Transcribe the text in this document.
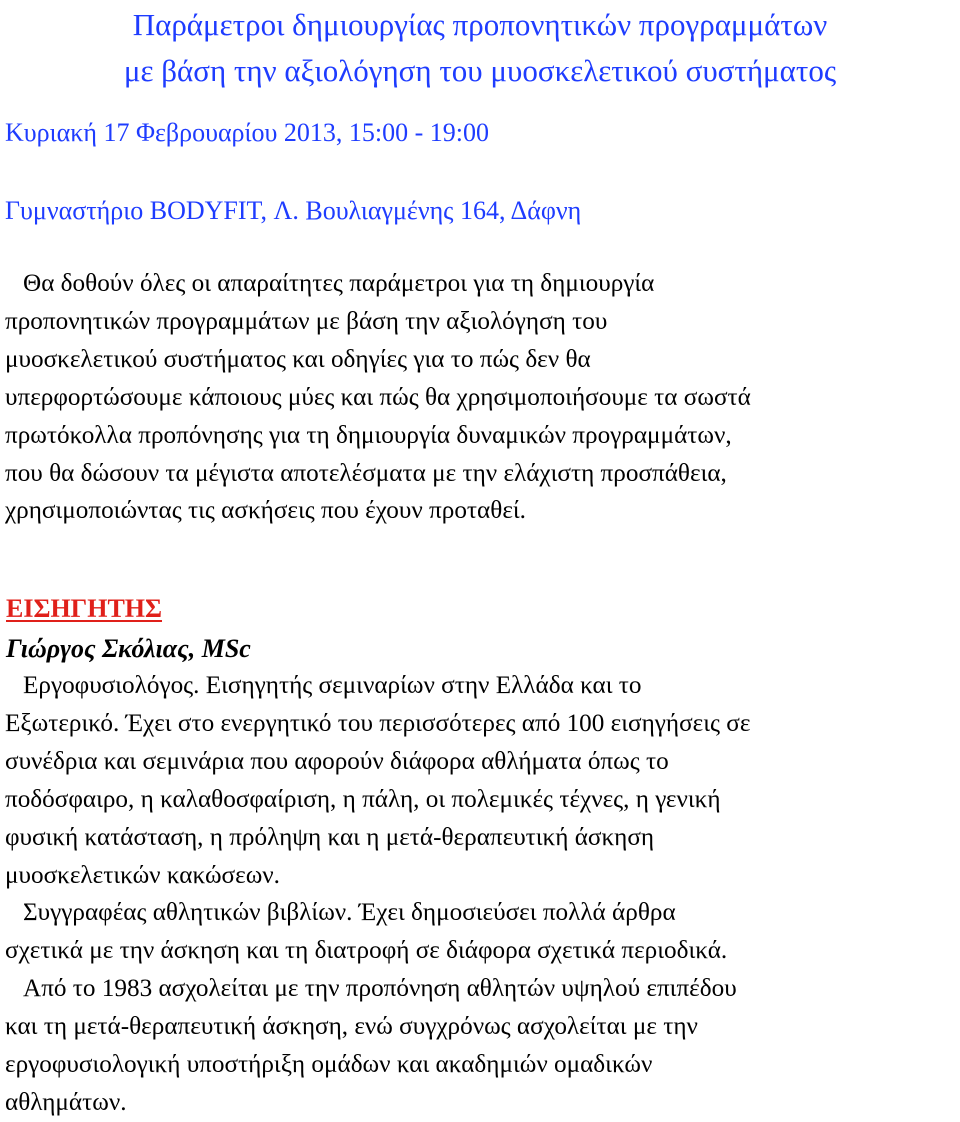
Παράμετροι δημιουργίας προπονητικών προγραμμάτων
με βάση την αξιολόγηση του μυοσκελετικού συστήματος

Κυριακή 17 Φεβρουαρίου 2013, 15:00 - 19:00

Γυμναστήριο BODYFIT, Λ. Βουλιαγμένης 164, Δάφνη

Θα δοθούν όλες οι απαραίτητες παράμετροι για τη δημιουργία
προπονητικών προγραμμάτων με βάση την αξιολόγηση του
μυοσκελετικού συστήματος και οδηγίες για το πώς δεν θα
υπερφορτώσουμε κάποιους μύες και πώς θα χρησιμοποιήσουμε τα σωστά
πρωτόκολλα προπόνησης για τη δημιουργία δυναμικών προγραμμάτων,
που θα δώσουν τα μέγιστα αποτελέσματα με την ελάχιστη προσπάθεια,
χρησιμοποιώντας τις ασκήσεις που έχουν προταθεί.

ΕΙΣΗΓΗΤΗΣ

Γιώργος Σκόλιας, MSc

Εργοφυσιολόγος. Εισηγητής σεμιναρίων στην Ελλάδα και το
Εξωτερικό. Έχει στο ενεργητικό του περισσότερες από 100 εισηγήσεις σε
συνέδρια και σεμινάρια που αφορούν διάφορα αθλήματα όπως το
ποδόσφαιρο, η καλαθοσφαίριση, η πάλη, οι πολεμικές τέχνες, η γενική
φυσική κατάσταση, η πρόληψη και η μετά-θεραπευτική άσκηση
μυοσκελετικών κακώσεων.
Συγγραφέας αθλητικών βιβλίων. Έχει δημοσιεύσει πολλά άρθρα
σχετικά με την άσκηση και τη διατροφή σε διάφορα σχετικά περιοδικά.
Από το 1983 ασχολείται με την προπόνηση αθλητών υψηλού επιπέδου
και τη μετά-θεραπευτική άσκηση, ενώ συγχρόνως ασχολείται με την
εργοφυσιολογική υποστήριξη ομάδων και ακαδημιών ομαδικών
αθλημάτων.
